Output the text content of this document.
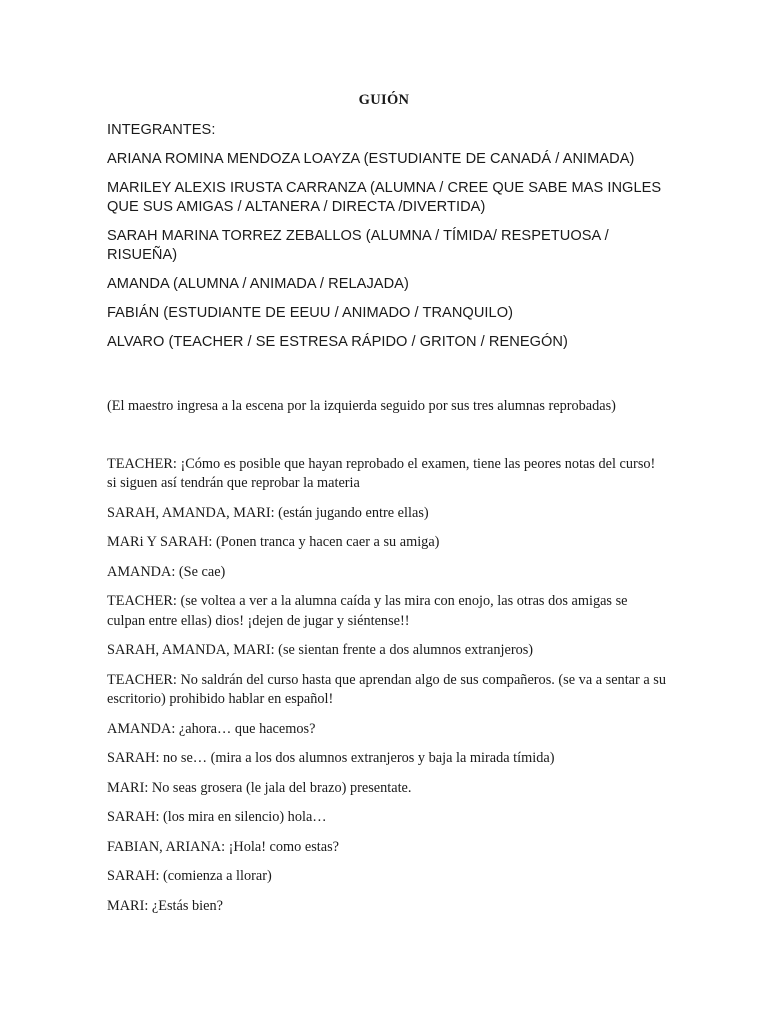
GUIÓN

INTEGRANTES:

ARIANA ROMINA MENDOZA LOAYZA (ESTUDIANTE DE CANADÁ / ANIMADA)

MARILEY ALEXIS IRUSTA CARRANZA (ALUMNA / CREE QUE SABE MAS INGLES QUE SUS AMIGAS / ALTANERA / DIRECTA /DIVERTIDA)

SARAH MARINA TORREZ ZEBALLOS (ALUMNA / TÍMIDA/ RESPETUOSA / RISUEÑA)

AMANDA (ALUMNA / ANIMADA / RELAJADA)

FABIÁN (ESTUDIANTE DE EEUU / ANIMADO / TRANQUILO)

ALVARO (TEACHER / SE ESTRESA RÁPIDO / GRITON / RENEGÓN)

(El maestro ingresa a la escena por la izquierda seguido por sus tres alumnas reprobadas)

TEACHER: ¡Cómo es posible que hayan reprobado el examen, tiene las peores notas del curso! si siguen así tendrán que reprobar la materia

SARAH, AMANDA, MARI: (están jugando entre ellas)

MARi Y SARAH: (Ponen tranca y hacen caer a su amiga)

AMANDA: (Se cae)

TEACHER: (se voltea a ver a la alumna caída y las mira con enojo, las otras dos amigas se culpan entre ellas) dios! ¡dejen de jugar y siéntense!!

SARAH, AMANDA, MARI: (se sientan frente a dos alumnos extranjeros)

TEACHER: No saldrán del curso hasta que aprendan algo de sus compañeros. (se va a sentar a su escritorio) prohibido hablar en español!

AMANDA: ¿ahora… que hacemos?

SARAH: no se… (mira a los dos alumnos extranjeros y baja la mirada tímida)

MARI: No seas grosera (le jala del brazo) presentate.

SARAH: (los mira en silencio) hola…

FABIAN, ARIANA: ¡Hola! como estas?

SARAH: (comienza a llorar)

MARI: ¿Estás bien?
